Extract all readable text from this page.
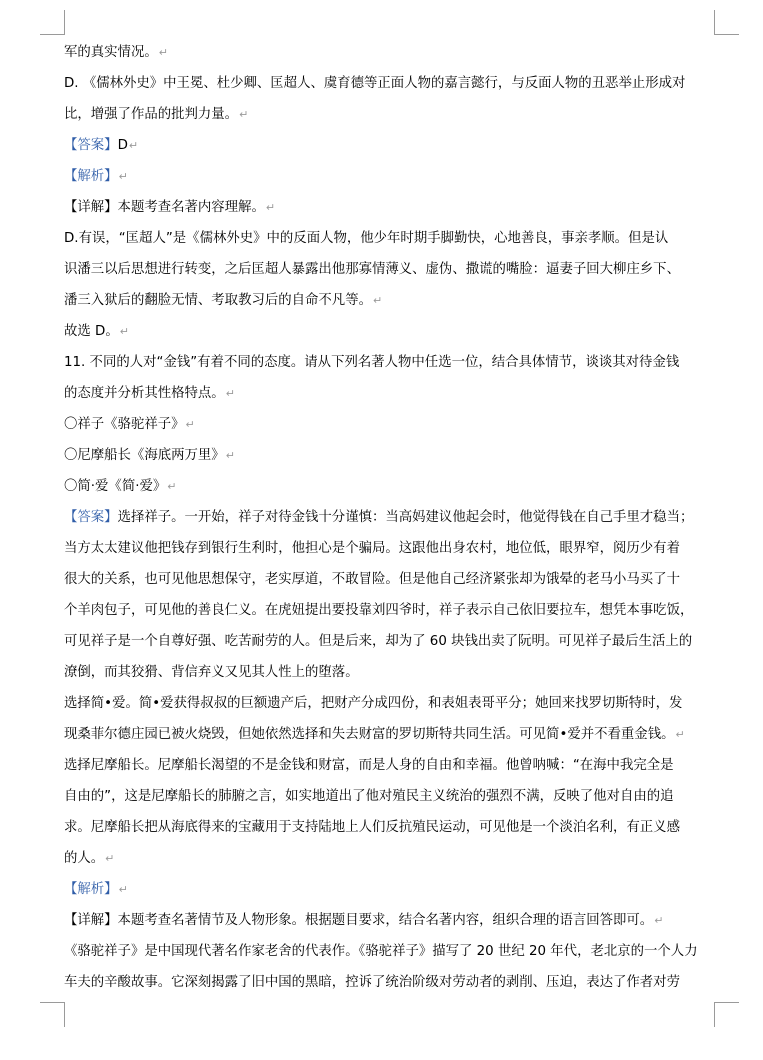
军的真实情况。↵
D. 《儒林外史》中王冕、杜少卿、匡超人、虞育德等正面人物的嘉言懿行，与反面人物的丑恶举止形成对
比，增强了作品的批判力量。↵
【答案】D↵
【解析】↵
【详解】本题考查名著内容理解。↵
D.有误，“匡超人”是《儒林外史》中的反面人物，他少年时期手脚勤快，心地善良，事亲孝顺。但是认
识潘三以后思想进行转变，之后匡超人暴露出他那寡情薄义、虚伪、撒谎的嘴脸：逼妻子回大柳庄乡下、
潘三入狱后的翻脸无情、考取教习后的自命不凡等。↵
故选 D。↵
11. 不同的人对“金钱”有着不同的态度。请从下列名著人物中任选一位，结合具体情节，谈谈其对待金钱
的态度并分析其性格特点。↵
〇祥子《骆驼祥子》↵
〇尼摩船长《海底两万里》↵
〇简·爱《简·爱》↵
【答案】选择祥子。一开始，祥子对待金钱十分谨慎：当高妈建议他起会时，他觉得钱在自己手里才稳当；
当方太太建议他把钱存到银行生利时，他担心是个骗局。这跟他出身农村，地位低，眼界窄，阅历少有着
很大的关系，也可见他思想保守，老实厚道，不敢冒险。但是他自己经济紧张却为饿晕的老马小马买了十
个羊肉包子，可见他的善良仁义。在虎妞提出要投靠刘四爷时，祥子表示自己依旧要拉车，想凭本事吃饭，
可见祥子是一个自尊好强、吃苦耐劳的人。但是后来，却为了 60 块钱出卖了阮明。可见祥子最后生活上的
潦倒，而其狡猾、背信弃义又见其人性上的堕落。
选择简•爱。简•爱获得叔叔的巨额遗产后，把财产分成四份，和表姐表哥平分；她回来找罗切斯特时，发
现桑菲尔德庄园已被火烧毁，但她依然选择和失去财富的罗切斯特共同生活。可见简•爱并不看重金钱。↵
选择尼摩船长。尼摩船长渴望的不是金钱和财富，而是人身的自由和幸福。他曾呐喊：“在海中我完全是
自由的”，这是尼摩船长的肺腑之言，如实地道出了他对殖民主义统治的强烈不满，反映了他对自由的追
求。尼摩船长把从海底得来的宝藏用于支持陆地上人们反抗殖民运动，可见他是一个淡泊名利，有正义感
的人。↵
【解析】↵
【详解】本题考查名著情节及人物形象。根据题目要求，结合名著内容，组织合理的语言回答即可。↵
《骆驼祥子》是中国现代著名作家老舍的代表作。《骆驼祥子》描写了 20 世纪 20 年代，老北京的一个人力
车夫的辛酸故事。它深刻揭露了旧中国的黑暗，控诉了统治阶级对劳动者的剥削、压迫，表达了作者对劳
